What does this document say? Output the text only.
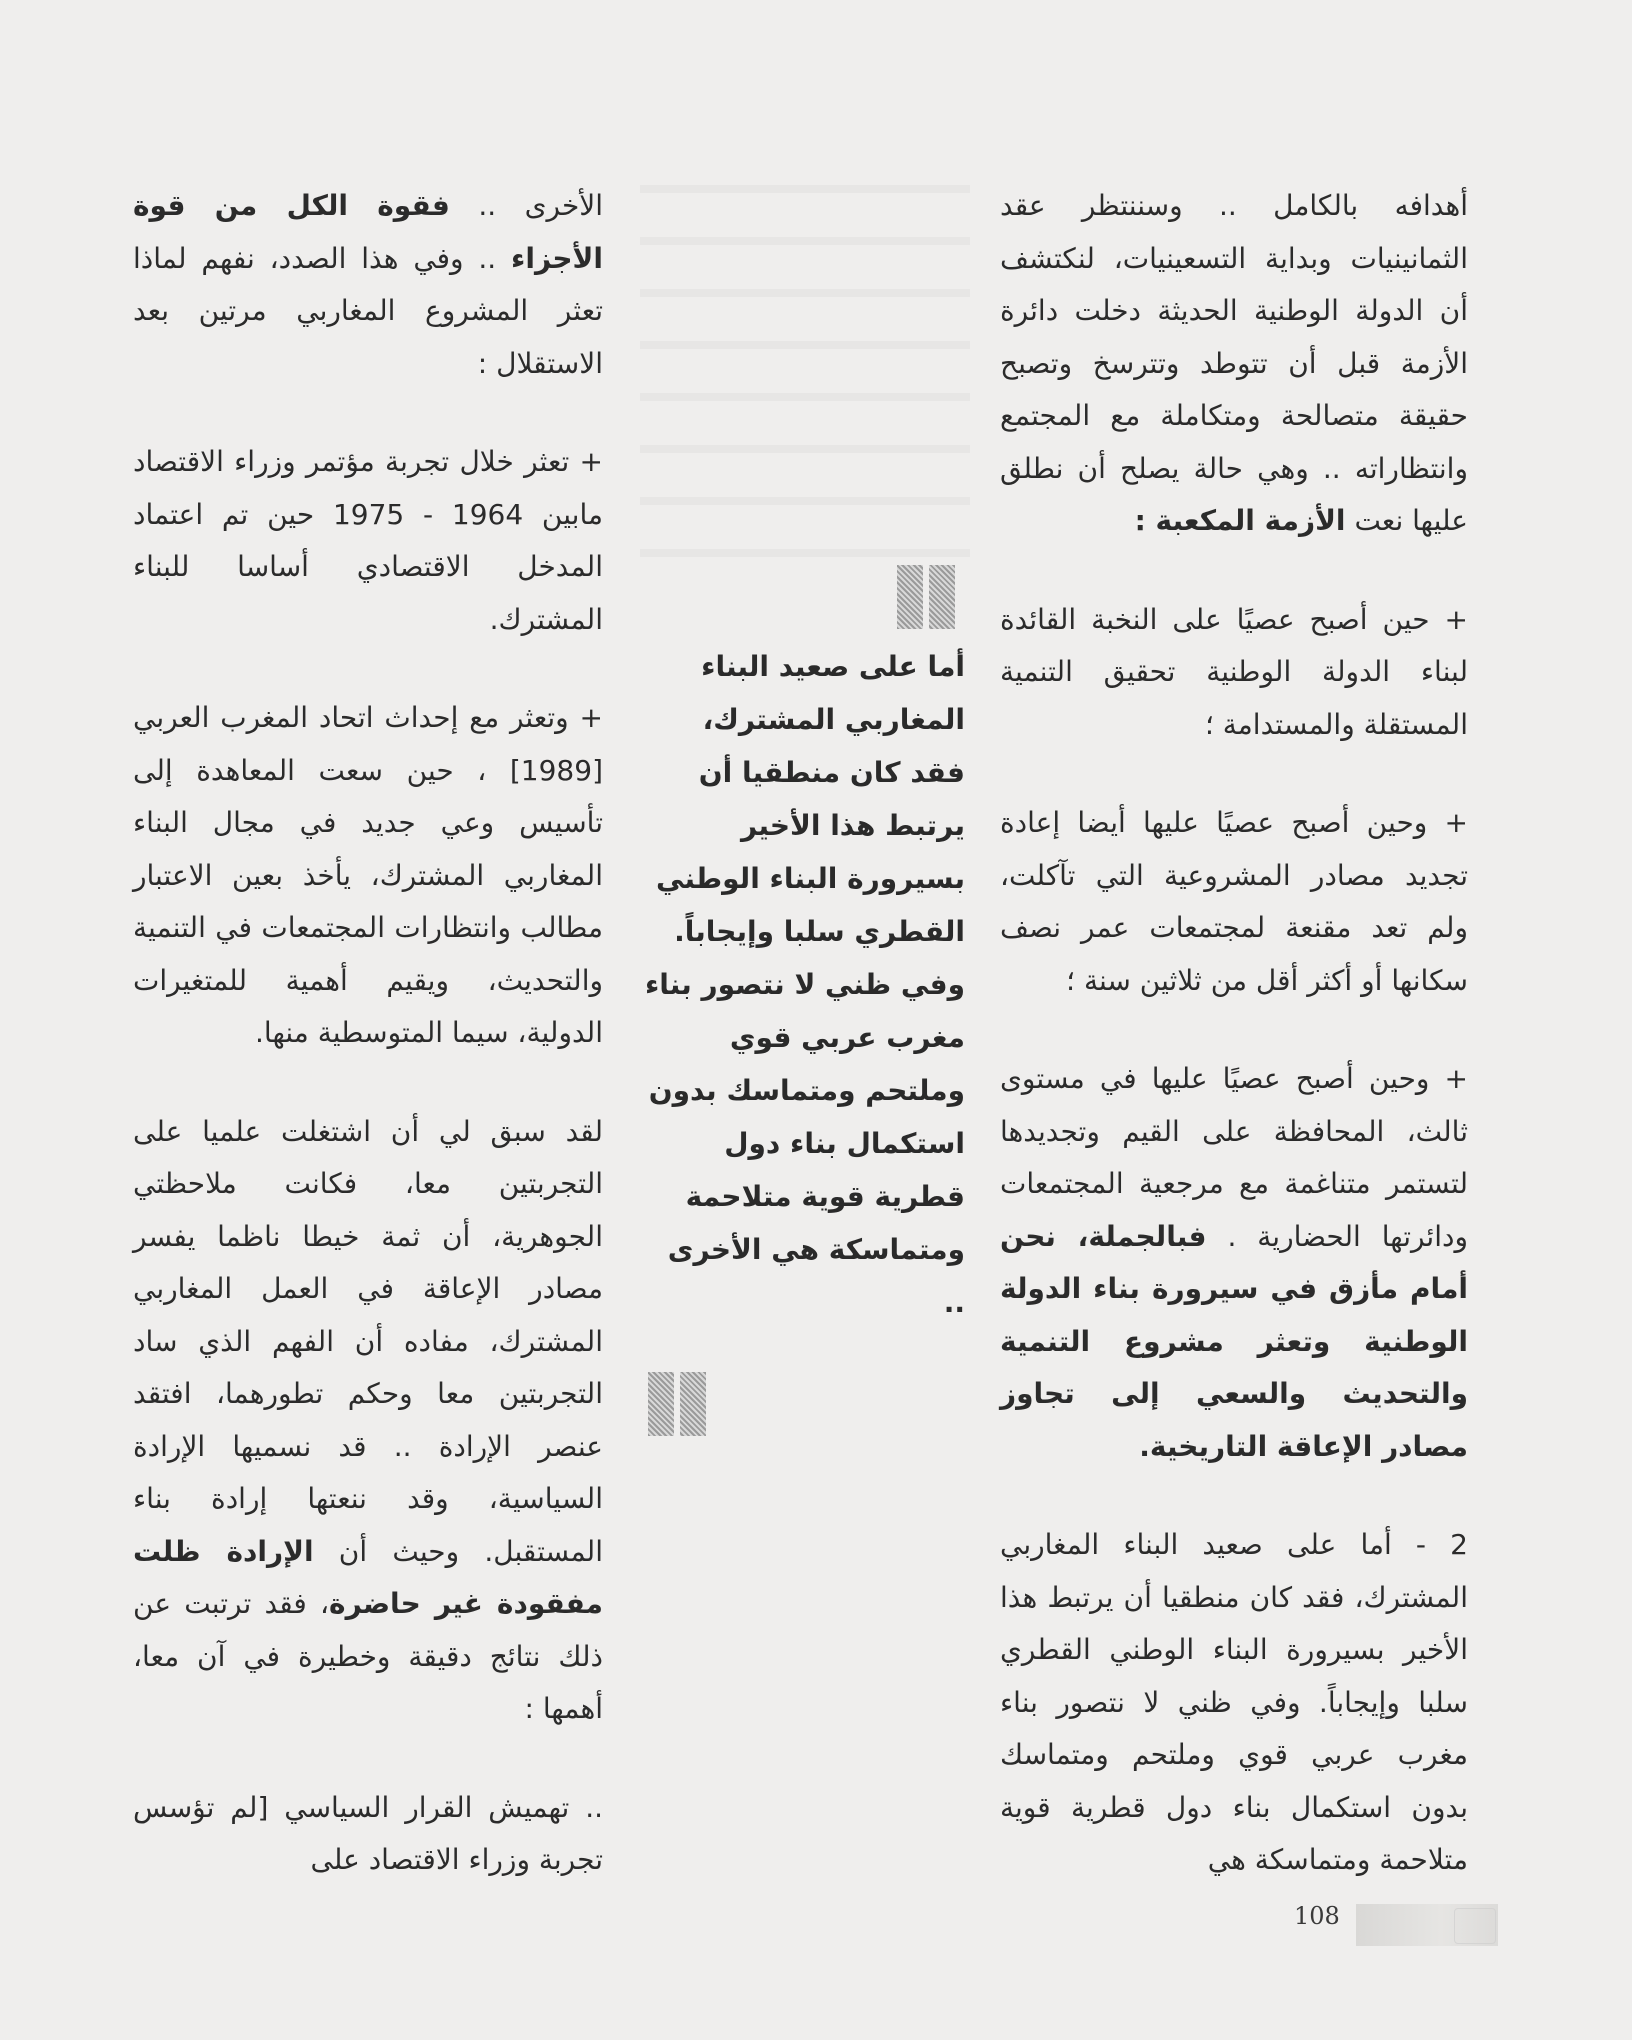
أهدافه بالكامل .. وسننتظر عقد الثمانينيات وبداية التسعينيات، لنكتشف أن الدولة الوطنية الحديثة دخلت دائرة الأزمة قبل أن تتوطد وتترسخ وتصبح حقيقة متصالحة ومتكاملة مع المجتمع وانتظاراته .. وهي حالة يصلح أن نطلق عليها نعت الأزمة المكعبة :

+ حين أصبح عصيًا على النخبة القائدة لبناء الدولة الوطنية تحقيق التنمية المستقلة والمستدامة ؛

+ وحين أصبح عصيًا عليها أيضا إعادة تجديد مصادر المشروعية التي تآكلت، ولم تعد مقنعة لمجتمعات عمر نصف سكانها أو أكثر أقل من ثلاثين سنة ؛

+ وحين أصبح عصيًا عليها في مستوى ثالث، المحافظة على القيم وتجديدها لتستمر متناغمة مع مرجعية المجتمعات ودائرتها الحضارية . فبالجملة، نحن أمام مأزق في سيرورة بناء الدولة الوطنية وتعثر مشروع التنمية والتحديث والسعي إلى تجاوز مصادر الإعاقة التاريخية.

2 - أما على صعيد البناء المغاربي المشترك، فقد كان منطقيا أن يرتبط هذا الأخير بسيرورة البناء الوطني القطري سلبا وإيجاباً. وفي ظني لا نتصور بناء مغرب عربي قوي وملتحم ومتماسك بدون استكمال بناء دول قطرية قوية متلاحمة ومتماسكة هي

أما على صعيد البناء المغاربي المشترك، فقد كان منطقيا أن يرتبط هذا الأخير بسيرورة البناء الوطني القطري سلبا وإيجاباً. وفي ظني لا نتصور بناء مغرب عربي قوي وملتحم ومتماسك بدون استكمال بناء دول قطرية قوية متلاحمة ومتماسكة هي الأخرى ..

الأخرى .. فقوة الكل من قوة الأجزاء .. وفي هذا الصدد، نفهم لماذا تعثر المشروع المغاربي مرتين بعد الاستقلال :

+ تعثر خلال تجربة مؤتمر وزراء الاقتصاد مابين 1964 - 1975 حين تم اعتماد المدخل الاقتصادي أساسا للبناء المشترك.

+ وتعثر مع إحداث اتحاد المغرب العربي [1989] ، حين سعت المعاهدة إلى تأسيس وعي جديد في مجال البناء المغاربي المشترك، يأخذ بعين الاعتبار مطالب وانتظارات المجتمعات في التنمية والتحديث، ويقيم أهمية للمتغيرات الدولية، سيما المتوسطية منها.

لقد سبق لي أن اشتغلت علميا على التجربتين معا، فكانت ملاحظتي الجوهرية، أن ثمة خيطا ناظما يفسر مصادر الإعاقة في العمل المغاربي المشترك، مفاده أن الفهم الذي ساد التجربتين معا وحكم تطورهما، افتقد عنصر الإرادة .. قد نسميها الإرادة السياسية، وقد ننعتها إرادة بناء المستقبل. وحيث أن الإرادة ظلت مفقودة غير حاضرة، فقد ترتبت عن ذلك نتائج دقيقة وخطيرة في آن معا، أهمها :

.. تهميش القرار السياسي [لم تؤسس تجربة وزراء الاقتصاد على

108
